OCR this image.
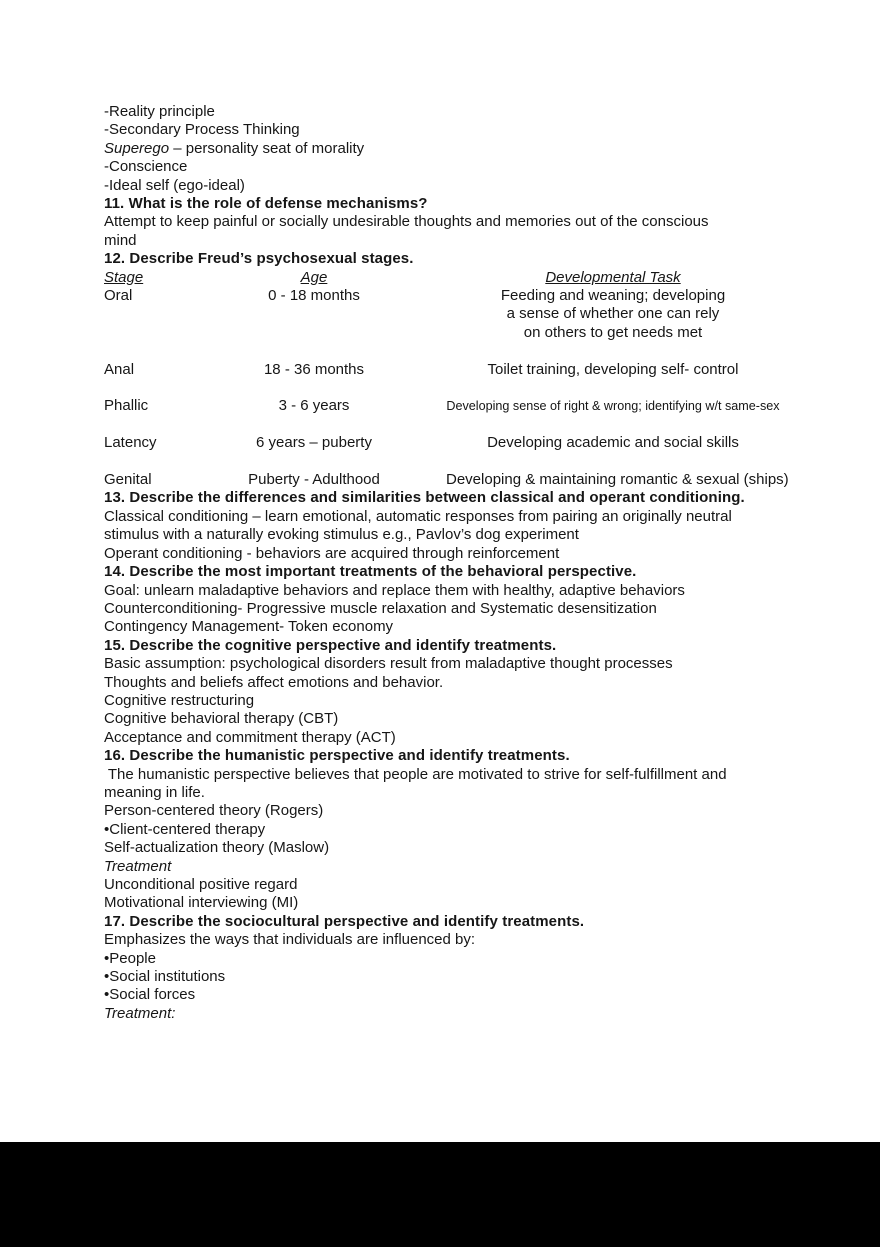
-Reality principle
-Secondary Process Thinking
Superego – personality seat of morality
-Conscience
-Ideal self (ego-ideal)
11. What is the role of defense mechanisms?
Attempt to keep painful or socially undesirable thoughts and memories out of the conscious
mind
12. Describe Freud’s psychosexual stages.
Stage	Age	Developmental Task
Oral	0 - 18 months	Feeding and weaning; developing
a sense of whether one can rely
on others to get needs met
Anal	18 - 36 months	Toilet training, developing self- control
Phallic	3 - 6 years	Developing sense of right & wrong; identifying w/t same-sex
Latency	6 years – puberty	Developing academic and social skills
Genital	Puberty - Adulthood	Developing & maintaining romantic & sexual (ships)
13. Describe the differences and similarities between classical and operant conditioning.
Classical conditioning – learn emotional, automatic responses from pairing an originally neutral
stimulus with a naturally evoking stimulus e.g., Pavlov’s dog experiment
Operant conditioning - behaviors are acquired through reinforcement
14. Describe the most important treatments of the behavioral perspective.
Goal: unlearn maladaptive behaviors and replace them with healthy, adaptive behaviors
Counterconditioning- Progressive muscle relaxation and Systematic desensitization
Contingency Management- Token economy
15. Describe the cognitive perspective and identify treatments.
Basic assumption: psychological disorders result from maladaptive thought processes
Thoughts and beliefs affect emotions and behavior.
Cognitive restructuring
Cognitive behavioral therapy (CBT)
Acceptance and commitment therapy (ACT)
16. Describe the humanistic perspective and identify treatments.
The humanistic perspective believes that people are motivated to strive for self-fulfillment and
meaning in life.
Person-centered theory (Rogers)
•Client-centered therapy
Self-actualization theory (Maslow)
Treatment
Unconditional positive regard
Motivational interviewing (MI)
17. Describe the sociocultural perspective and identify treatments.
Emphasizes the ways that individuals are influenced by:
•People
•Social institutions
•Social forces
Treatment:
